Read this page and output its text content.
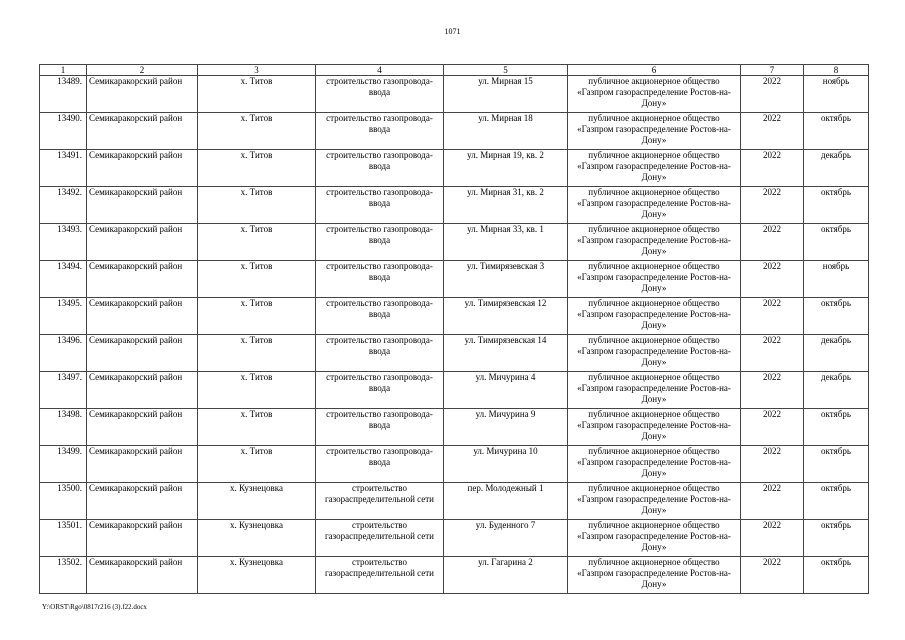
1071
1	2	3	4	5	6	7	8
13489.	Семикаракорский район	х. Титов	строительство газопровода-ввода	ул. Мирная 15	публичное акционерное общество «Газпром газораспределение Ростов-на-Дону»	2022	ноябрь
13490.	Семикаракорский район	х. Титов	строительство газопровода-ввода	ул. Мирная 18	публичное акционерное общество «Газпром газораспределение Ростов-на-Дону»	2022	октябрь
13491.	Семикаракорский район	х. Титов	строительство газопровода-ввода	ул. Мирная 19, кв. 2	публичное акционерное общество «Газпром газораспределение Ростов-на-Дону»	2022	декабрь
13492.	Семикаракорский район	х. Титов	строительство газопровода-ввода	ул. Мирная 31, кв. 2	публичное акционерное общество «Газпром газораспределение Ростов-на-Дону»	2022	октябрь
13493.	Семикаракорский район	х. Титов	строительство газопровода-ввода	ул. Мирная 33, кв. 1	публичное акционерное общество «Газпром газораспределение Ростов-на-Дону»	2022	октябрь
13494.	Семикаракорский район	х. Титов	строительство газопровода-ввода	ул. Тимирязевская 3	публичное акционерное общество «Газпром газораспределение Ростов-на-Дону»	2022	ноябрь
13495.	Семикаракорский район	х. Титов	строительство газопровода-ввода	ул. Тимирязевская 12	публичное акционерное общество «Газпром газораспределение Ростов-на-Дону»	2022	октябрь
13496.	Семикаракорский район	х. Титов	строительство газопровода-ввода	ул. Тимирязевская 14	публичное акционерное общество «Газпром газораспределение Ростов-на-Дону»	2022	декабрь
13497.	Семикаракорский район	х. Титов	строительство газопровода-ввода	ул. Мичурина 4	публичное акционерное общество «Газпром газораспределение Ростов-на-Дону»	2022	декабрь
13498.	Семикаракорский район	х. Титов	строительство газопровода-ввода	ул. Мичурина 9	публичное акционерное общество «Газпром газораспределение Ростов-на-Дону»	2022	октябрь
13499.	Семикаракорский район	х. Титов	строительство газопровода-ввода	ул. Мичурина 10	публичное акционерное общество «Газпром газораспределение Ростов-на-Дону»	2022	октябрь
13500.	Семикаракорский район	х. Кузнецовка	строительство газораспределительной сети	пер. Молодежный 1	публичное акционерное общество «Газпром газораспределение Ростов-на-Дону»	2022	октябрь
13501.	Семикаракорский район	х. Кузнецовка	строительство газораспределительной сети	ул. Буденного 7	публичное акционерное общество «Газпром газораспределение Ростов-на-Дону»	2022	октябрь
13502.	Семикаракорский район	х. Кузнецовка	строительство газораспределительной сети	ул. Гагарина 2	публичное акционерное общество «Газпром газораспределение Ростов-на-Дону»	2022	октябрь
Y:\ORST\Rgo\0817r216 (3).f22.docx
